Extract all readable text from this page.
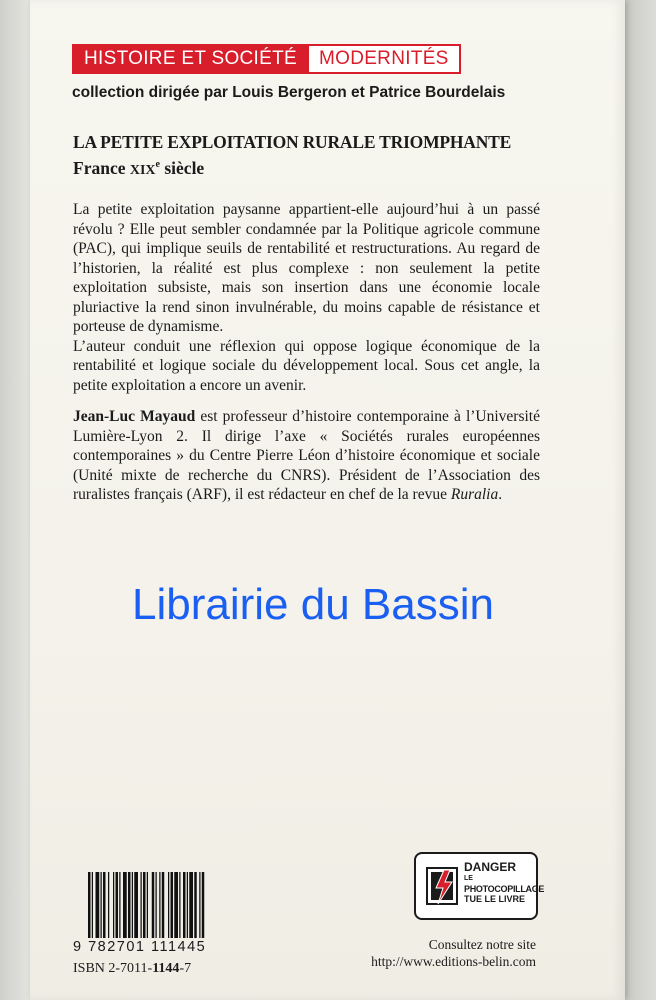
HISTOIRE ET SOCIÉTÉ	MODERNITÉS
collection dirigée par Louis Bergeron et Patrice Bourdelais
LA PETITE EXPLOITATION RURALE TRIOMPHANTE
France XIXe siècle

La petite exploitation paysanne appartient-elle aujourd’hui à un passé révolu ? Elle peut sembler condamnée par la Politique agricole commune (PAC), qui implique seuils de rentabilité et restructurations. Au regard de l’historien, la réalité est plus complexe : non seulement la petite exploitation subsiste, mais son insertion dans une économie locale pluriactive la rend sinon invulnérable, du moins capable de résistance et porteuse de dynamisme.

L’auteur conduit une réflexion qui oppose logique économique de la rentabilité et logique sociale du développement local. Sous cet angle, la petite exploitation a encore un avenir.

Jean-Luc Mayaud est professeur d’histoire contemporaine à l’Université Lumière-Lyon 2. Il dirige l’axe « Sociétés rurales européennes contemporaines » du Centre Pierre Léon d’histoire économique et sociale (Unité mixte de recherche du CNRS). Président de l’Association des ruralistes français (ARF), il est rédacteur en chef de la revue Ruralia.

Librairie du Bassin
9 782701 111445
ISBN 2-7011-1144-7
DANGER
LE
PHOTOCOPILLAGE
TUE LE LIVRE
Consultez notre site
http://www.editions-belin.com
